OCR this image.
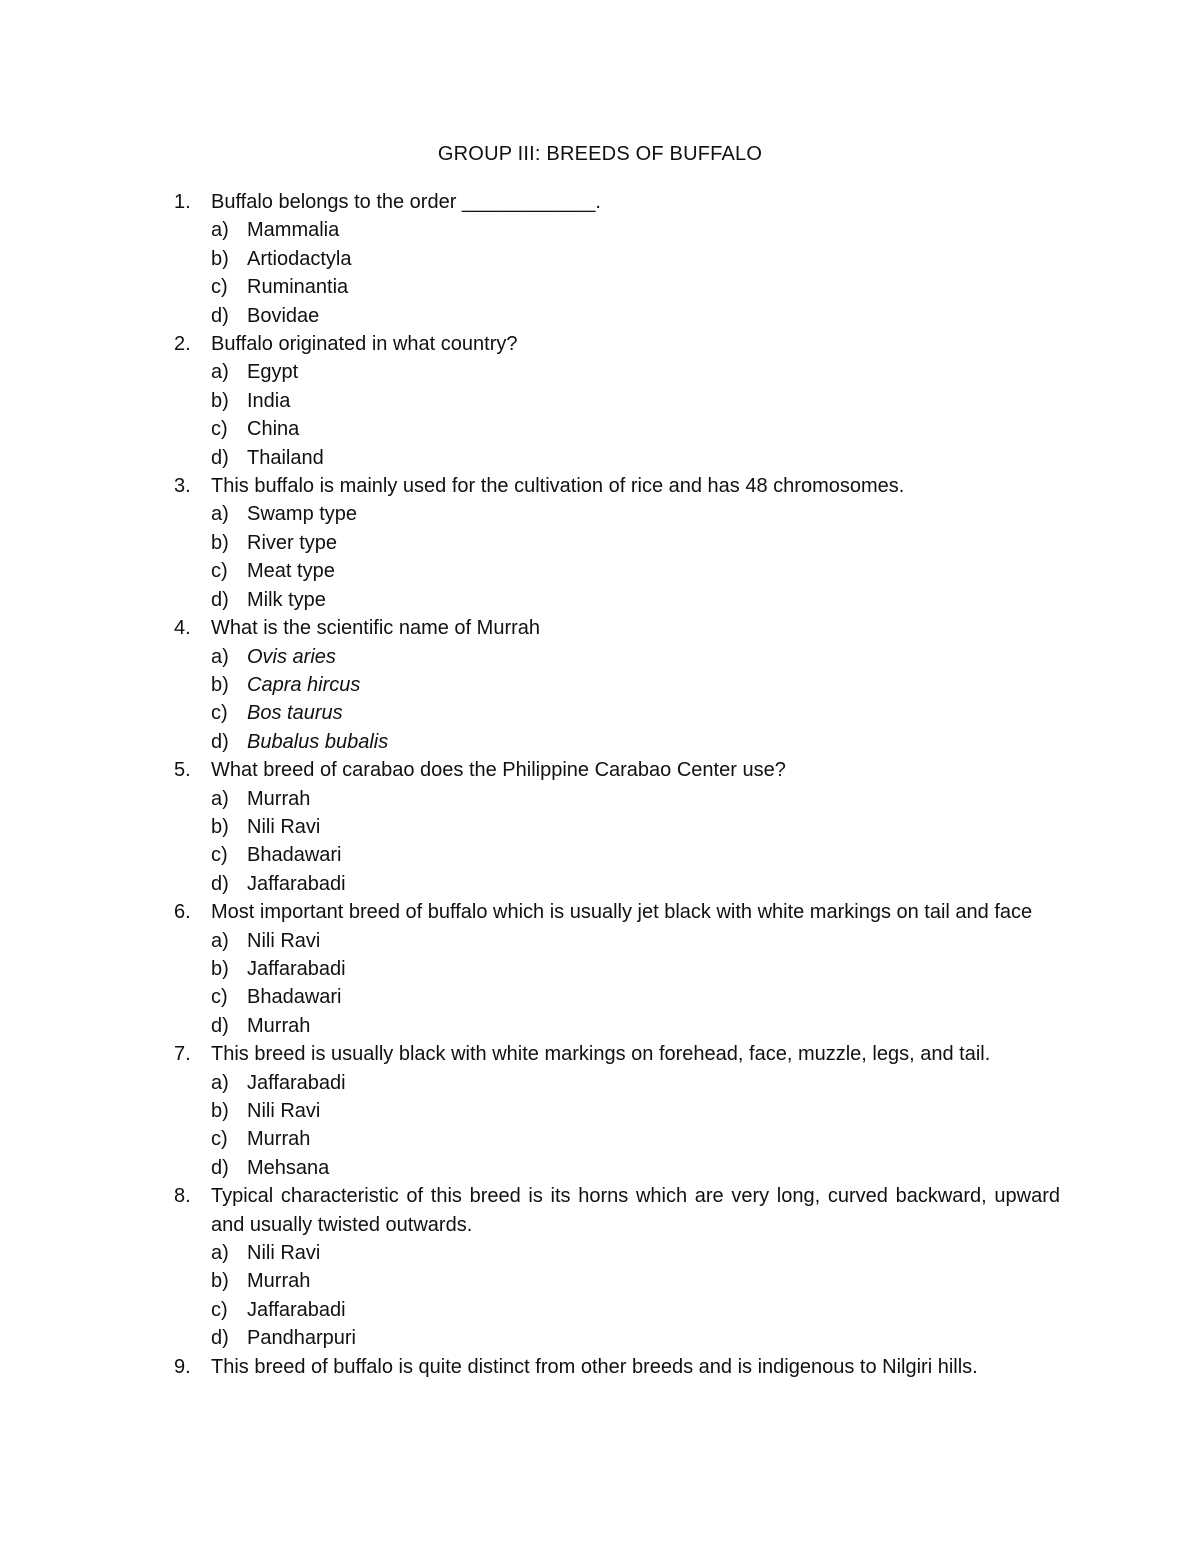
GROUP III: BREEDS OF BUFFALO
1. Buffalo belongs to the order ____________.
a) Mammalia
b) Artiodactyla
c) Ruminantia
d) Bovidae
2. Buffalo originated in what country?
a) Egypt
b) India
c) China
d) Thailand
3. This buffalo is mainly used for the cultivation of rice and has 48 chromosomes.
a) Swamp type
b) River type
c) Meat type
d) Milk type
4. What is the scientific name of Murrah
a) Ovis aries
b) Capra hircus
c) Bos taurus
d) Bubalus bubalis
5. What breed of carabao does the Philippine Carabao Center use?
a) Murrah
b) Nili Ravi
c) Bhadawari
d) Jaffarabadi
6. Most important breed of buffalo which is usually jet black with white markings on tail and face
a) Nili Ravi
b) Jaffarabadi
c) Bhadawari
d) Murrah
7. This breed is usually black with white markings on forehead, face, muzzle, legs, and tail.
a) Jaffarabadi
b) Nili Ravi
c) Murrah
d) Mehsana
8. Typical characteristic of this breed is its horns which are very long, curved backward, upward and usually twisted outwards.
a) Nili Ravi
b) Murrah
c) Jaffarabadi
d) Pandharpuri
9. This breed of buffalo is quite distinct from other breeds and is indigenous to Nilgiri hills.
